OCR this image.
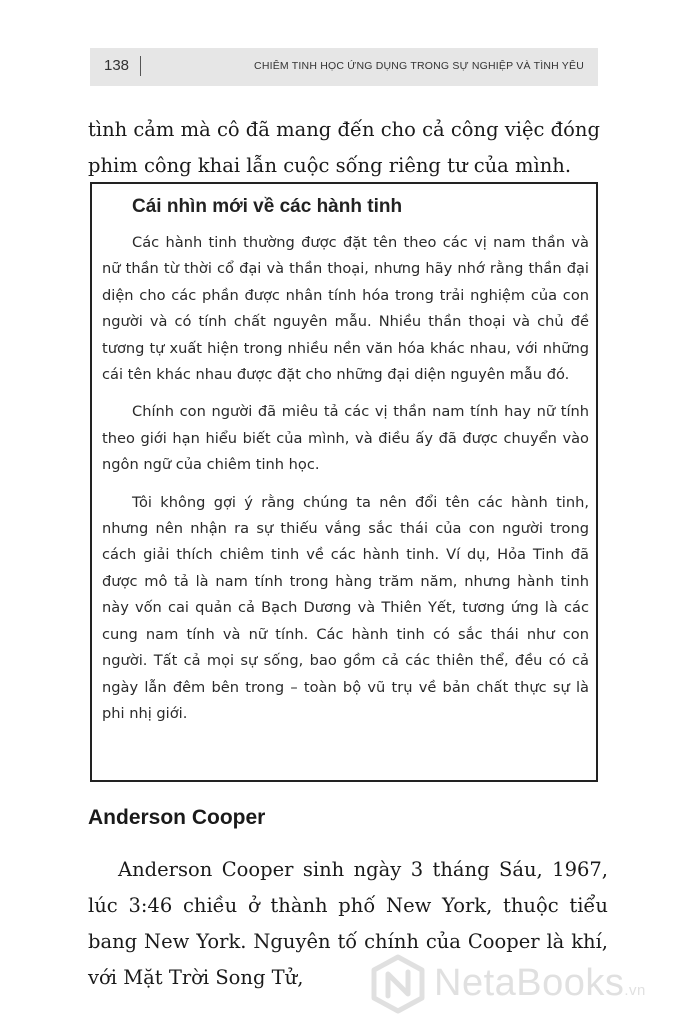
138	CHIÊM TINH HỌC ỨNG DỤNG TRONG SỰ NGHIỆP VÀ TÌNH YÊU

tình cảm mà cô đã mang đến cho cả công việc đóng phim công khai lẫn cuộc sống riêng tư của mình.

Cái nhìn mới về các hành tinh

Các hành tinh thường được đặt tên theo các vị nam thần và nữ thần từ thời cổ đại và thần thoại, nhưng hãy nhớ rằng thần đại diện cho các phần được nhân tính hóa trong trải nghiệm của con người và có tính chất nguyên mẫu. Nhiều thần thoại và chủ đề tương tự xuất hiện trong nhiều nền văn hóa khác nhau, với những cái tên khác nhau được đặt cho những đại diện nguyên mẫu đó.

Chính con người đã miêu tả các vị thần nam tính hay nữ tính theo giới hạn hiểu biết của mình, và điều ấy đã được chuyển vào ngôn ngữ của chiêm tinh học.

Tôi không gợi ý rằng chúng ta nên đổi tên các hành tinh, nhưng nên nhận ra sự thiếu vắng sắc thái của con người trong cách giải thích chiêm tinh về các hành tinh. Ví dụ, Hỏa Tinh đã được mô tả là nam tính trong hàng trăm năm, nhưng hành tinh này vốn cai quản cả Bạch Dương và Thiên Yết, tương ứng là các cung nam tính và nữ tính. Các hành tinh có sắc thái như con người. Tất cả mọi sự sống, bao gồm cả các thiên thể, đều có cả ngày lẫn đêm bên trong – toàn bộ vũ trụ về bản chất thực sự là phi nhị giới.

Anderson Cooper

Anderson Cooper sinh ngày 3 tháng Sáu, 1967, lúc 3:46 chiều ở thành phố New York, thuộc tiểu bang New York. Nguyên tố chính của Cooper là khí, với Mặt Trời Song Tử,	NetaBooks.vn
